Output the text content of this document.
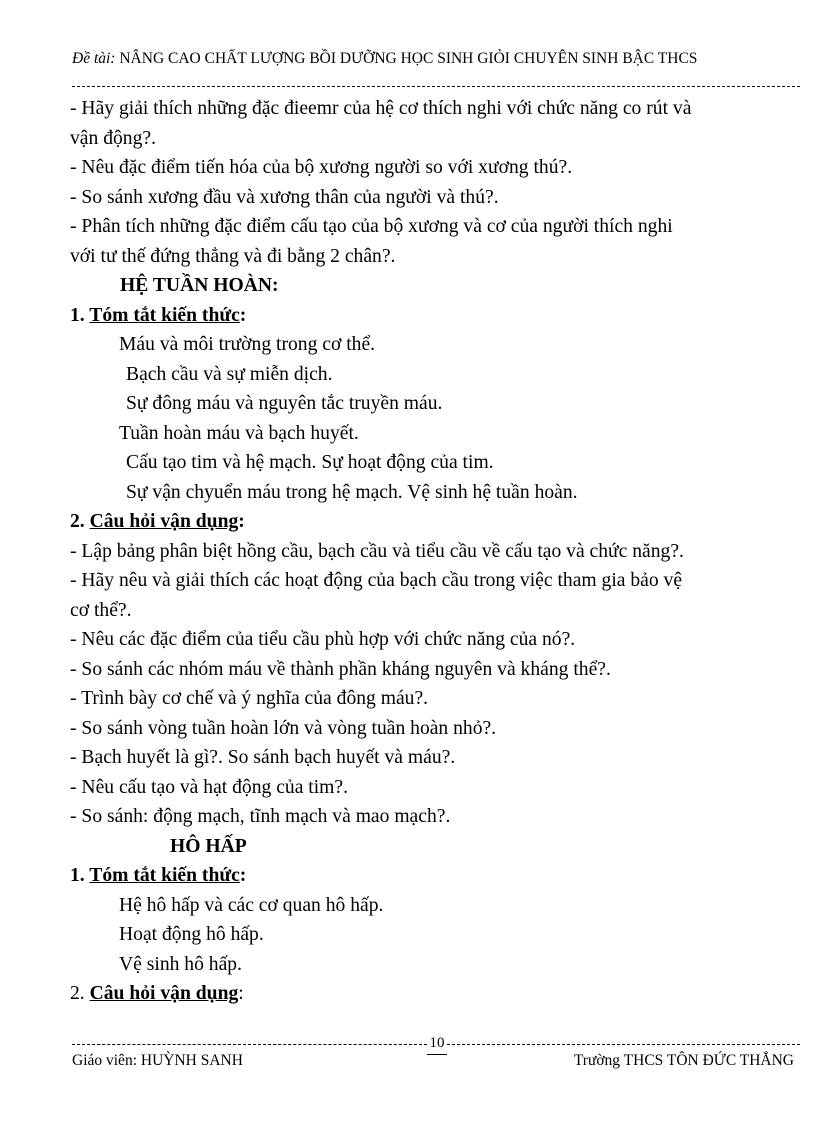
Đề tài: NÂNG CAO CHẤT LƯỢNG BỒI DƯỠNG HỌC SINH GIỎI CHUYÊN SINH BẬC THCS
- Hãy giải thích những đặc đieemr của hệ cơ thích nghi với chức năng co rút và
vận động?.
- Nêu đặc điểm tiến hóa của bộ xương người so với xương thú?.
- So sánh xương đầu và xương thân của người và thú?.
- Phân tích những đặc điểm cấu tạo của bộ xương và cơ của người thích nghi
với tư thế đứng thẳng và đi bằng 2 chân?.
HỆ TUẦN HOÀN:
1. Tóm tắt kiến thức:
Máu và môi trường trong cơ thể.
Bạch cầu và sự miễn dịch.
Sự đông máu và nguyên tắc truyền máu.
Tuần hoàn máu và bạch huyết.
Cấu tạo tim và hệ mạch. Sự hoạt động của tim.
Sự vận chyuển máu trong hệ mạch. Vệ sinh hệ tuần hoàn.
2. Câu hỏi vận dụng:
- Lập bảng phân biệt hồng cầu, bạch cầu và tiểu cầu về cấu tạo và chức năng?.
- Hãy nêu và giải thích các hoạt động của bạch cầu trong việc tham gia bảo vệ
cơ thể?.
- Nêu các đặc điểm của tiểu cầu phù hợp với chức năng của nó?.
- So sánh các nhóm máu về thành phần kháng nguyên và kháng thể?.
- Trình bày cơ chế và ý nghĩa của đông máu?.
- So sánh vòng tuần hoàn lớn và vòng tuần hoàn nhỏ?.
- Bạch huyết là gì?. So sánh bạch huyết và máu?.
- Nêu cấu tạo và hạt động của tim?.
- So sánh: động mạch, tĩnh mạch và mao mạch?.
HÔ HẤP
1. Tóm tắt kiến thức:
Hệ hô hấp và các cơ quan hô hấp.
Hoạt động hô hấp.
Vệ sinh hô hấp.
2. Câu hỏi vận dụng:
10
Giáo viên: HUỲNH SANH	Trường THCS TÔN ĐỨC THẮNG
